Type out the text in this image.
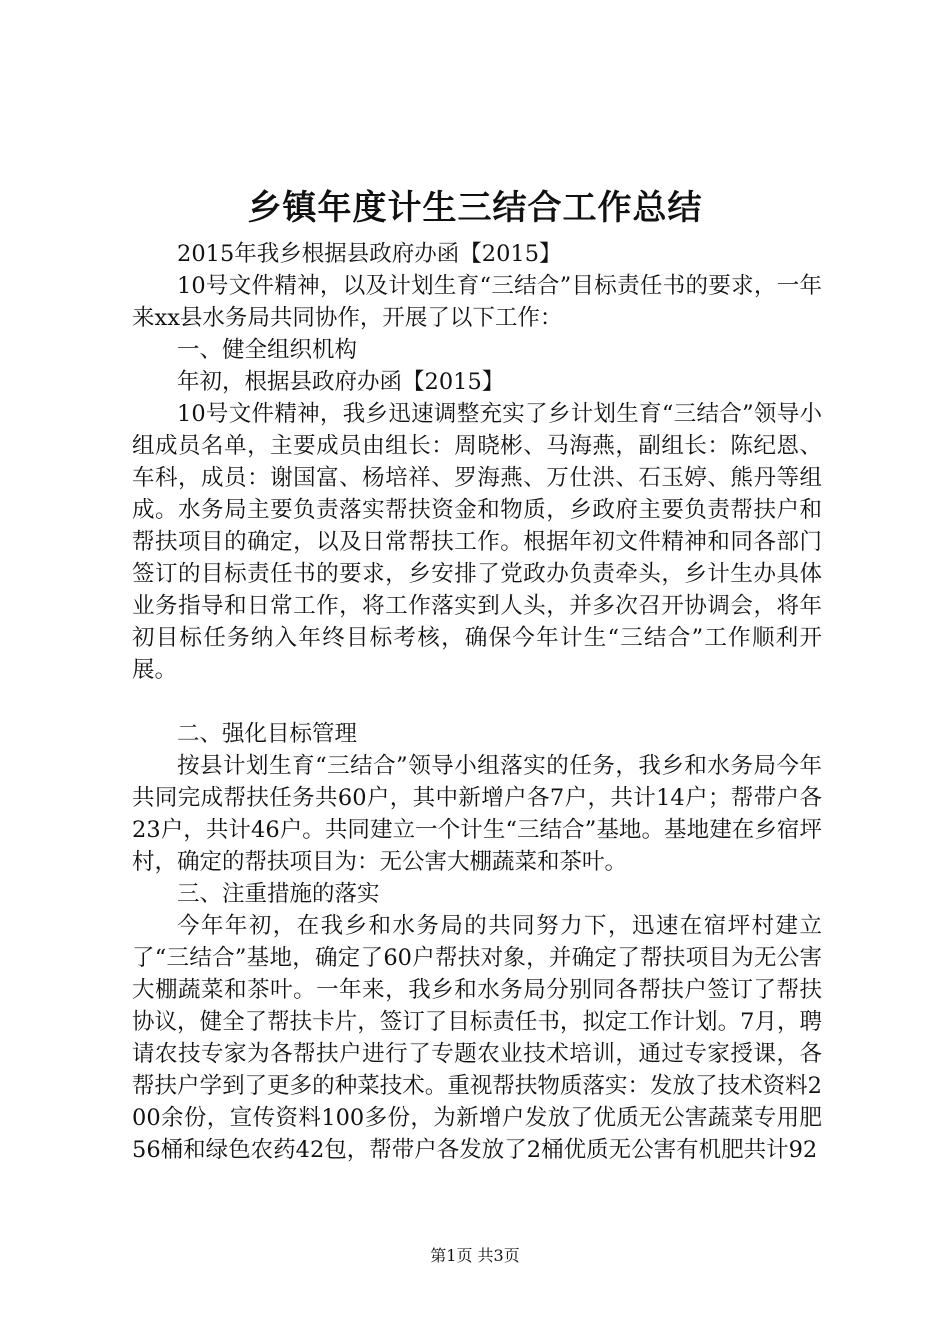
乡镇年度计生三结合工作总结

2015年我乡根据县政府办函【2015】

10号文件精神，以及计划生育“三结合”目标责任书的要求，一年来xx县水务局共同协作，开展了以下工作：

一、健全组织机构

年初，根据县政府办函【2015】

10号文件精神，我乡迅速调整充实了乡计划生育“三结合”领导小组成员名单，主要成员由组长：周晓彬、马海燕，副组长：陈纪恩、车科，成员：谢国富、杨培祥、罗海燕、万仕洪、石玉婷、熊丹等组成。水务局主要负责落实帮扶资金和物质，乡政府主要负责帮扶户和帮扶项目的确定，以及日常帮扶工作。根据年初文件精神和同各部门签订的目标责任书的要求，乡安排了党政办负责牵头，乡计生办具体业务指导和日常工作，将工作落实到人头，并多次召开协调会，将年初目标任务纳入年终目标考核，确保今年计生“三结合”工作顺利开展。

二、强化目标管理

按县计划生育“三结合”领导小组落实的任务，我乡和水务局今年共同完成帮扶任务共60户，其中新增户各7户，共计14户；帮带户各23户，共计46户。共同建立一个计生“三结合”基地。基地建在乡宿坪村，确定的帮扶项目为：无公害大棚蔬菜和茶叶。

三、注重措施的落实

今年年初，在我乡和水务局的共同努力下，迅速在宿坪村建立了“三结合”基地，确定了60户帮扶对象，并确定了帮扶项目为无公害大棚蔬菜和茶叶。一年来，我乡和水务局分别同各帮扶户签订了帮扶协议，健全了帮扶卡片，签订了目标责任书，拟定工作计划。7月，聘请农技专家为各帮扶户进行了专题农业技术培训，通过专家授课，各帮扶户学到了更多的种菜技术。重视帮扶物质落实：发放了技术资料200余份，宣传资料100多份，为新增户发放了优质无公害蔬菜专用肥56桶和绿色农药42包，帮带户各发放了2桶优质无公害有机肥共计92

第1页 共3页
